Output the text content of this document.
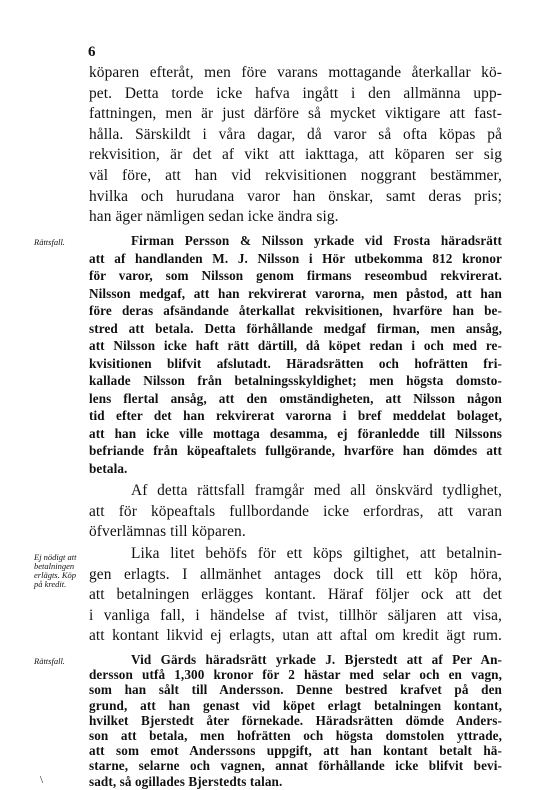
6
köparen efteråt, men före varans mottagande återkallar kö-
pet. Detta torde icke hafva ingått i den allmänna upp-
fattningen, men är just därföre så mycket viktigare att fast-
hålla. Särskildt i våra dagar, då varor så ofta köpas på
rekvisition, är det af vikt att iakttaga, att köparen ser sig
väl före, att han vid rekvisitionen noggrant bestämmer,
hvilka och hurudana varor han önskar, samt deras pris;
han äger nämligen sedan icke ändra sig.
Rättsfall.	Firman Persson & Nilsson yrkade vid Frosta häradsrätt
att af handlanden M. J. Nilsson i Hör utbekomma 812 kronor
för varor, som Nilsson genom firmans reseombud rekvirerat.
Nilsson medgaf, att han rekvirerat varorna, men påstod, att han
före deras afsändande återkallat rekvisitionen, hvarföre han be-
stred att betala. Detta förhållande medgaf firman, men ansåg,
att Nilsson icke haft rätt därtill, då köpet redan i och med re-
kvisitionen blifvit afslutadt. Häradsrätten och hofrätten fri-
kallade Nilsson från betalningsskyldighet; men högsta domsto-
lens flertal ansåg, att den omständigheten, att Nilsson någon
tid efter det han rekvirerat varorna i bref meddelat bolaget,
att han icke ville mottaga desamma, ej föranledde till Nilssons
befriande från köpeaftalets fullgörande, hvarföre han dömdes att
betala.
Af detta rättsfall framgår med all önskvärd tydlighet,
att för köpeaftals fullbordande icke erfordras, att varan
öfverlämnas till köparen.
Ej nödigt att
betalningen
erlägts. Köp
på kredit.
Lika litet behöfs för ett köps giltighet, att betalnin-
gen erlagts. I allmänhet antages dock till ett köp höra,
att betalningen erlägges kontant. Häraf följer ock att det
i vanliga fall, i händelse af tvist, tillhör säljaren att visa,
att kontant likvid ej erlagts, utan att aftal om kredit ägt rum.
Rättsfall.	Vid Gärds häradsrätt yrkade J. Bjerstedt att af Per An-
dersson utfå 1,300 kronor för 2 hästar med selar och en vagn,
som han sålt till Andersson. Denne bestred krafvet på den
grund, att han genast vid köpet erlagt betalningen kontant,
hvilket Bjerstedt åter förnekade. Häradsrätten dömde Anders-
son att betala, men hofrätten och högsta domstolen yttrade,
att som emot Anderssons uppgift, att han kontant betalt hä-
starne, selarne och vagnen, annat förhållande icke blifvit bevi-
sadt, så ogillades Bjerstedts talan.
\
